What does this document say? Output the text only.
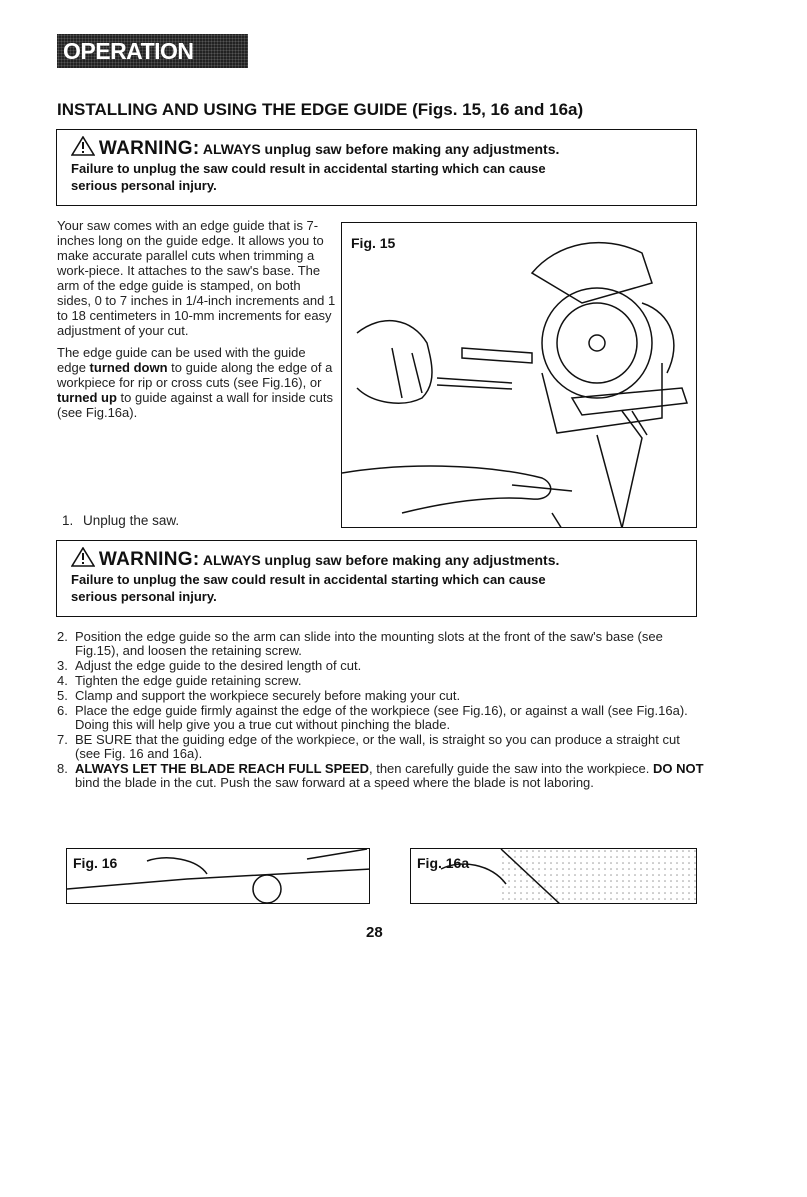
OPERATION cont.
INSTALLING AND USING THE EDGE GUIDE (Figs. 15, 16 and 16a)
WARNING: ALWAYS unplug saw before making any adjustments.
Failure to unplug the saw could result in accidental starting which can cause
serious personal injury.

Your saw comes with an edge guide that is 7-inches long on the guide edge. It allows you to make accurate parallel cuts when trimming a work-piece. It attaches to the saw's base. The arm of the edge guide is stamped, on both sides, 0 to 7 inches in 1/4-inch increments and 1 to 18 centimeters in 10-mm increments for easy adjustment of your cut.

The edge guide can be used with the guide edge turned down to guide along the edge of a workpiece for rip or cross cuts (see Fig.16), or turned up to guide against a wall for inside cuts (see Fig.16a).

1. Unplug the saw.
Fig. 15
WARNING: ALWAYS unplug saw before making any adjustments.
Failure to unplug the saw could result in accidental starting which can cause
serious personal injury.
2. Position the edge guide so the arm can slide into the mounting slots at the front of the saw's base (see Fig.15), and loosen the retaining screw.
3. Adjust the edge guide to the desired length of cut.
4. Tighten the edge guide retaining screw.
5. Clamp and support the workpiece securely before making your cut.
6. Place the edge guide firmly against the edge of the workpiece (see Fig.16), or against a wall (see Fig.16a). Doing this will help give you a true cut without pinching the blade.
7. BE SURE that the guiding edge of the workpiece, or the wall, is straight so you can produce a straight cut (see Fig. 16 and 16a).
8. ALWAYS LET THE BLADE REACH FULL SPEED, then carefully guide the saw into the workpiece. DO NOT bind the blade in the cut. Push the saw forward at a speed where the blade is not laboring.
Fig. 16	Fig. 16a
28
